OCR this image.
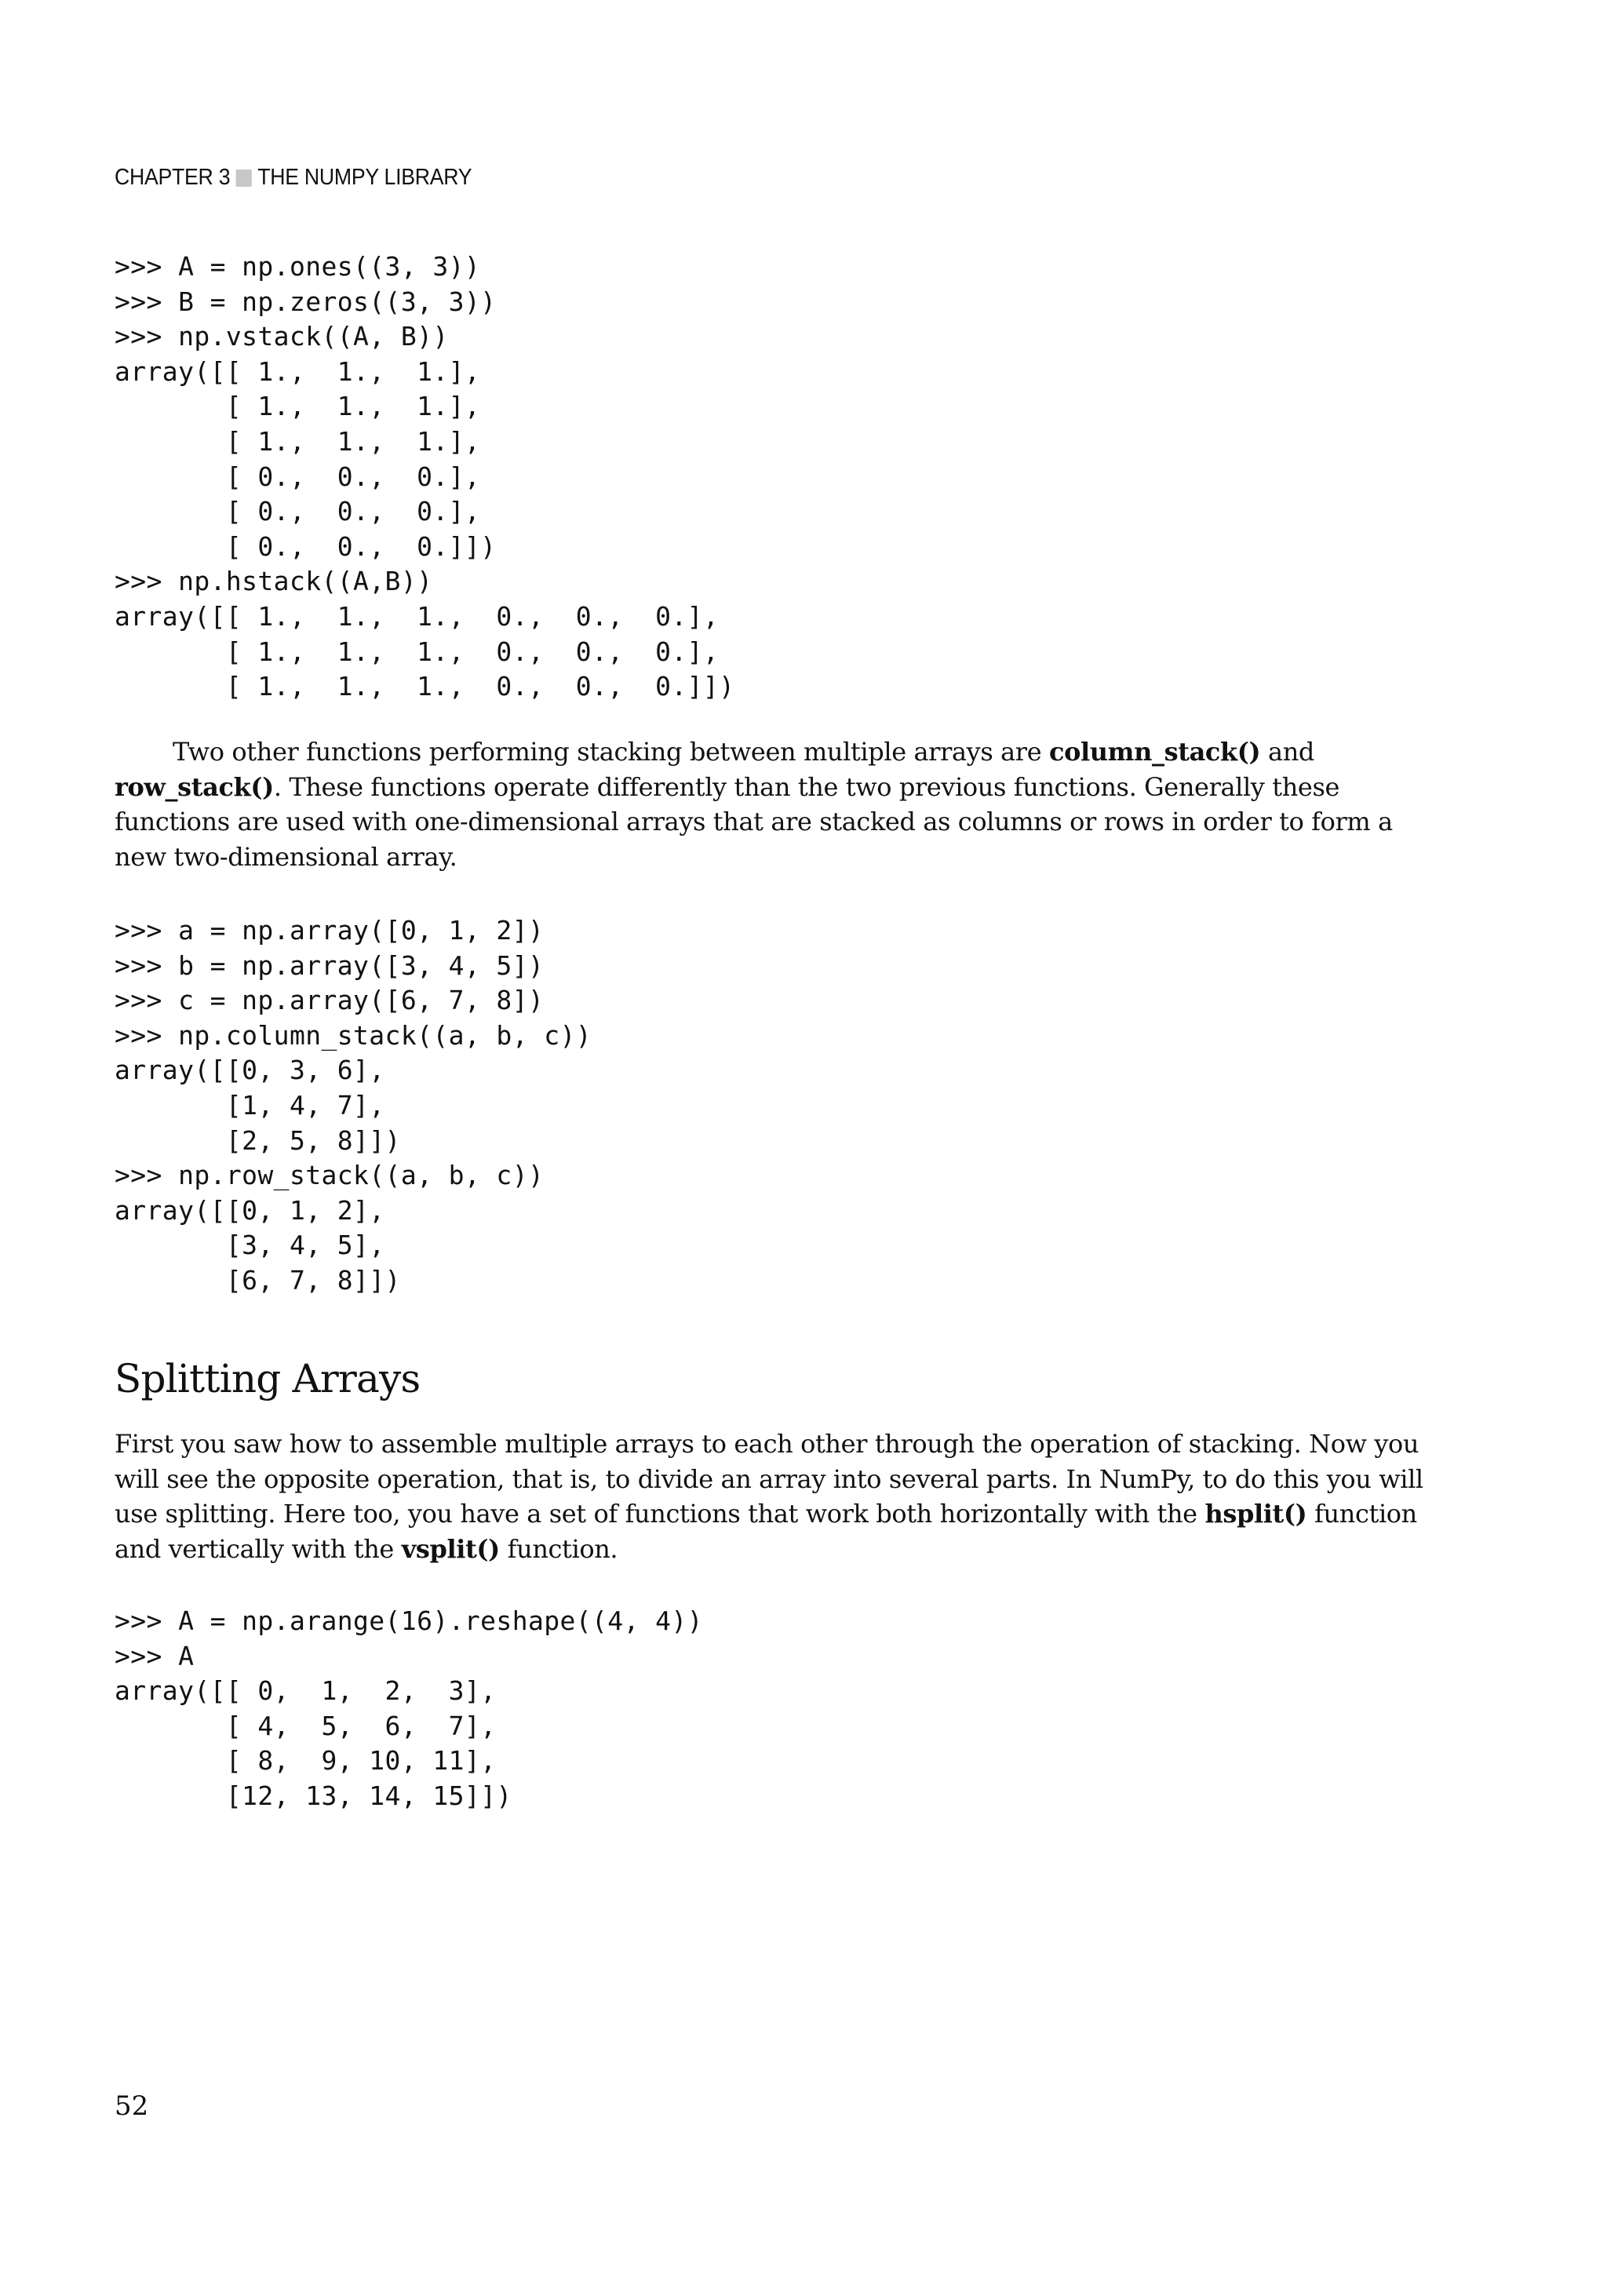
CHAPTER 3 THE NUMPY LIBRARY
>>> A = np.ones((3, 3))
>>> B = np.zeros((3, 3))
>>> np.vstack((A, B))
array([[ 1.,  1.,  1.],
[ 1.,  1.,  1.],
[ 1.,  1.,  1.],
[ 0.,  0.,  0.],
[ 0.,  0.,  0.],
[ 0.,  0.,  0.]])
>>> np.hstack((A,B))
array([[ 1.,  1.,  1.,  0.,  0.,  0.],
[ 1.,  1.,  1.,  0.,  0.,  0.],
[ 1.,  1.,  1.,  0.,  0.,  0.]])

Two other functions performing stacking between multiple arrays are column_stack() and row_stack(). These functions operate differently than the two previous functions. Generally these functions are used with one-dimensional arrays that are stacked as columns or rows in order to form a new two-dimensional array.

>>> a = np.array([0, 1, 2])
>>> b = np.array([3, 4, 5])
>>> c = np.array([6, 7, 8])
>>> np.column_stack((a, b, c))
array([[0, 3, 6],
[1, 4, 7],
[2, 5, 8]])
>>> np.row_stack((a, b, c))
array([[0, 1, 2],
[3, 4, 5],
[6, 7, 8]])
Splitting Arrays

First you saw how to assemble multiple arrays to each other through the operation of stacking. Now you will see the opposite operation, that is, to divide an array into several parts. In NumPy, to do this you will use splitting. Here too, you have a set of functions that work both horizontally with the hsplit() function and vertically with the vsplit() function.

>>> A = np.arange(16).reshape((4, 4))
>>> A
array([[ 0,  1,  2,  3],
[ 4,  5,  6,  7],
[ 8,  9, 10, 11],
[12, 13, 14, 15]])
52
